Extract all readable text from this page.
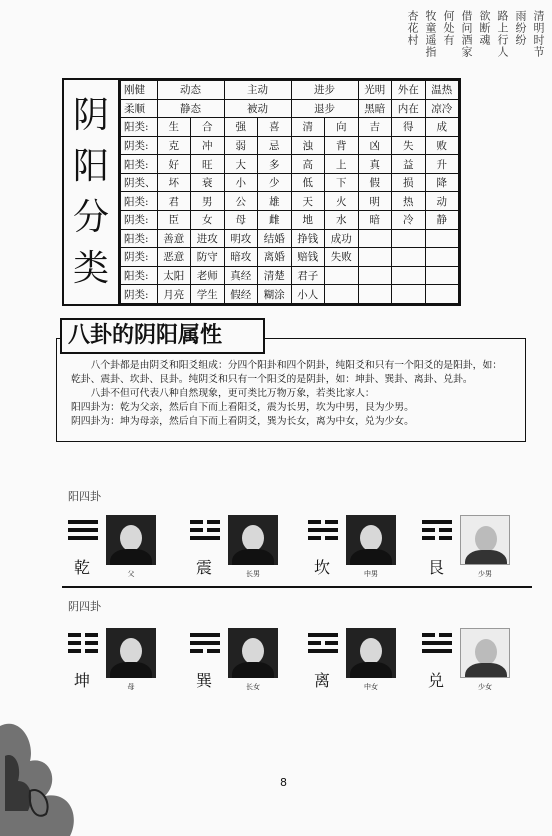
清明时节
雨纷纷
路上行人
欲断魂
借问酒家
何处有
牧童遥指
杏花村
阴
阳
分
类
刚健	动态		主动		进步		光明	外在	温热
柔顺	静态		被动		退步		黑暗	内在	凉冷
阳类:	生	合	强	喜	清	向	吉	得	成
阴类:	克	冲	弱	忌	浊	背	凶	失	败
阳类:	好	旺	大	多	高	上	真	益	升
阴类、	坏	衰	小	少	低	下	假	损	降
阳类:	君	男	公	雄	天	火	明	热	动
阴类:	臣	女	母	雌	地	水	暗	冷	静
阳类:	善意	进攻	明攻	结婚	挣钱	成功			
阴类:	恶意	防守	暗攻	离婚	赔钱	失败			
阳类:	太阳	老师	真经	清楚	君子				
阴类:	月亮	学生	假经	糊涂	小人				

八个卦都是由阴爻和阳爻组成：分四个阳卦和四个阴卦，纯阳爻和只有一个阳爻的是阳卦，如：乾卦、震卦、坎卦、艮卦。纯阴爻和只有一个阳爻的是阴卦，如：坤卦、巽卦、离卦、兑卦。

八卦不但可代表八种自然现象，更可类比万物万象，若类比家人：

阳四卦为：乾为父亲，然后自下而上看阳爻，震为长男，坎为中男，艮为少男。

阴四卦为：坤为母亲，然后自下而上看阴爻，巽为长女，离为中女，兑为少女。

八卦的阴阳属性
阳四卦
乾	父	震	长男	坎	中男	艮	少男
阴四卦
坤	母	巽	长女	离	中女	兑	少女
8
